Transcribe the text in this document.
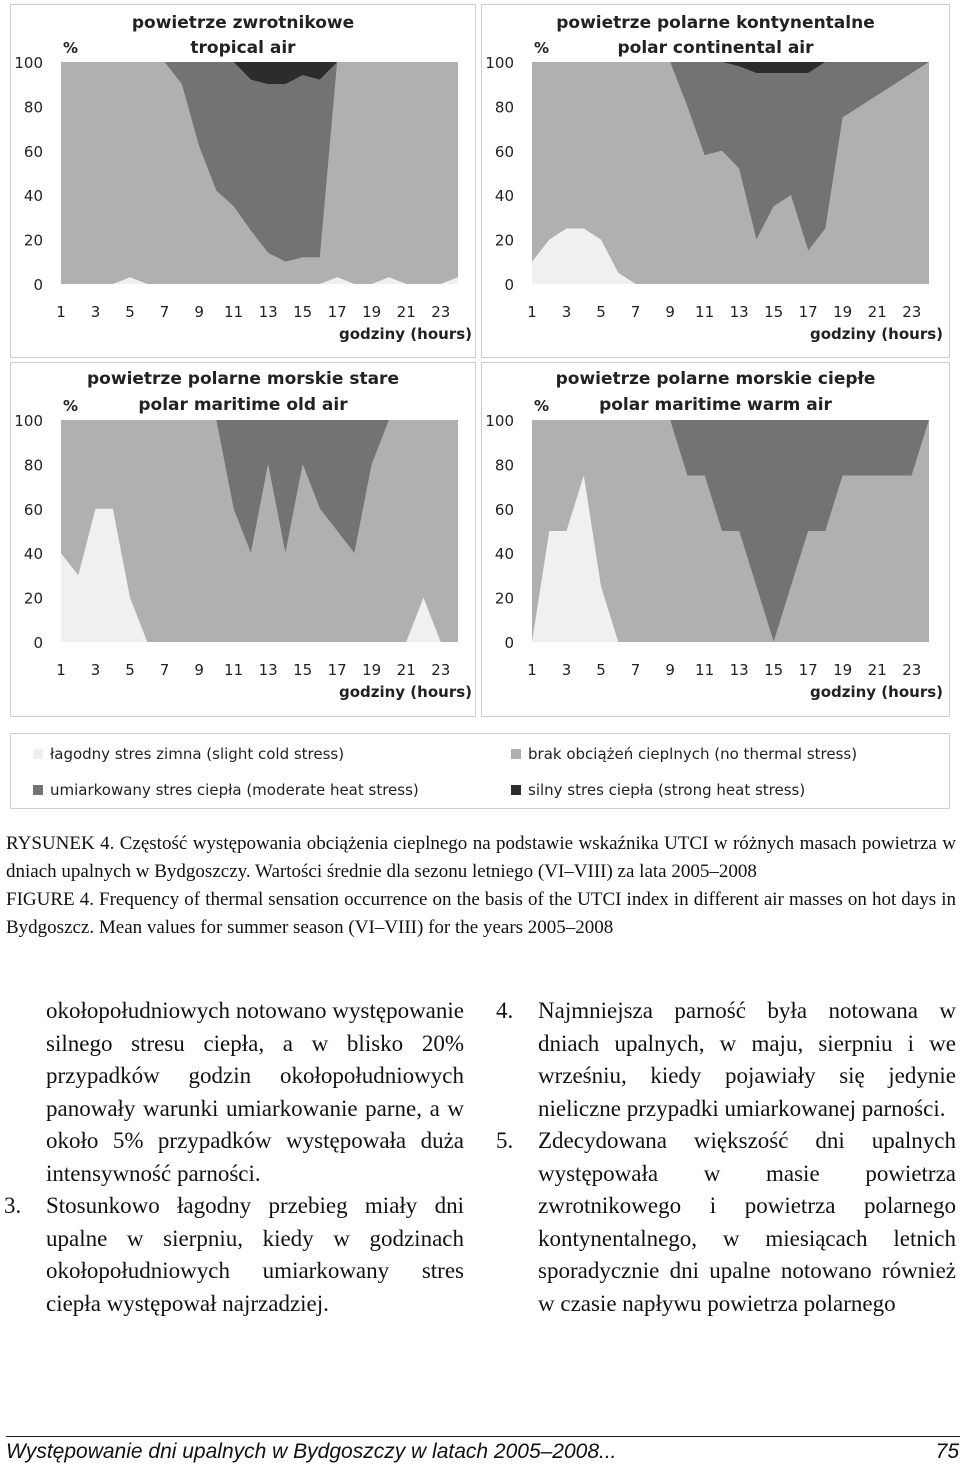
powietrze zwrotnikowe
tropical air
%
0
20
40
60
80
100
1 3 5 7 9 11 13 15 17 19 21 23
godziny (hours)
powietrze polarne kontynentalne
polar continental air
%
0
20
40
60
80
100
1 3 5 7 9 11 13 15 17 19 21 23
godziny (hours)
powietrze polarne morskie stare
polar maritime old air
%
0
20
40
60
80
100
1 3 5 7 9 11 13 15 17 19 21 23
godziny (hours)
powietrze polarne morskie ciepłe
polar maritime warm air
%
0
20
40
60
80
100
1 3 5 7 9 11 13 15 17 19 21 23
godziny (hours)
łagodny stres zimna (slight cold stress)	brak obciążeń cieplnych (no thermal stress)
umiarkowany stres ciepła (moderate heat stress)	silny stres ciepła (strong heat stress)

RYSUNEK 4. Częstość występowania obciążenia cieplnego na podstawie wskaźnika UTCI w różnych masach powietrza w dniach upalnych w Bydgoszczy. Wartości średnie dla sezonu letniego (VI–VIII) za lata 2005–2008

FIGURE 4. Frequency of thermal sensation occurrence on the basis of the UTCI index in different air masses on hot days in Bydgoszcz. Mean values for summer season (VI–VIII) for the years 2005–2008

okołopołudniowych notowano występowanie silnego stresu ciepła, a w blisko 20% przypadków godzin okołopołudniowych panowały warunki umiarkowanie parne, a w około 5% przypadków występowała duża intensywność parności.

3. Stosunkowo łagodny przebieg miały dni upalne w sierpniu, kiedy w godzinach okołopołudniowych umiarkowany stres ciepła występował najrzadziej.

4. Najmniejsza parność była notowana w dniach upalnych, w maju, sierpniu i we wrześniu, kiedy pojawiały się jedynie nieliczne przypadki umiarkowanej parności.

5. Zdecydowana większość dni upalnych występowała w masie powietrza zwrotnikowego i powietrza polarnego kontynentalnego, w miesiącach letnich sporadycznie dni upalne notowano również w czasie napływu powietrza polarnego

Występowanie dni upalnych w Bydgoszczy w latach 2005–2008...	75
